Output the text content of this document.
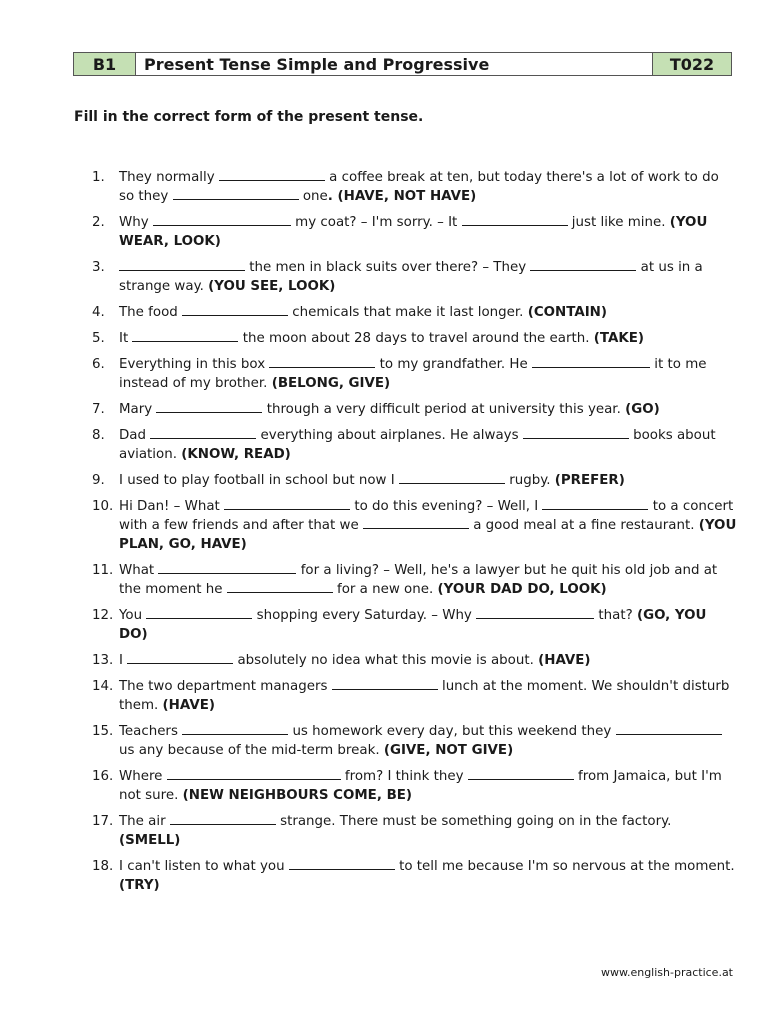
B1	Present Tense Simple and Progressive	T022
Fill in the correct form of the present tense.
1.	They normally	a coffee break at ten, but today there's a lot of work to do so they	one. (HAVE, NOT HAVE)
2.	Why	my coat? – I'm sorry. – It	just like mine. (YOU WEAR, LOOK)
3.	the men in black suits over there? – They	at us in a strange way. (YOU SEE, LOOK)
4.	The food	chemicals that make it last longer. (CONTAIN)
5.	It	the moon about 28 days to travel around the earth. (TAKE)
6.	Everything in this box	to my grandfather. He	it to me instead of my brother. (BELONG, GIVE)
7.	Mary	through a very difficult period at university this year. (GO)
8.	Dad	everything about airplanes. He always	books about aviation. (KNOW, READ)
9.	I used to play football in school but now I	rugby. (PREFER)
10. Hi Dan! – What	to do this evening? – Well, I	to a concert with a few friends and after that we	a good meal at a fine restaurant. (YOU PLAN, GO, HAVE)
11. What	for a living? – Well, he's a lawyer but he quit his old job and at the moment he	for a new one. (YOUR DAD DO, LOOK)
12. You	shopping every Saturday. – Why	that? (GO, YOU DO)
13. I	absolutely no idea what this movie is about. (HAVE)
14. The two department managers	lunch at the moment. We shouldn't disturb them. (HAVE)
15. Teachers	us homework every day, but this weekend they  us any because of the mid-term break. (GIVE, NOT GIVE)
16. Where	from? I think they	from Jamaica, but I'm not sure. (NEW NEIGHBOURS COME, BE)
17. The air	strange. There must be something going on in the factory. (SMELL)
18. I can't listen to what you	to tell me because I'm so nervous at the moment. (TRY)
www.english-practice.at
